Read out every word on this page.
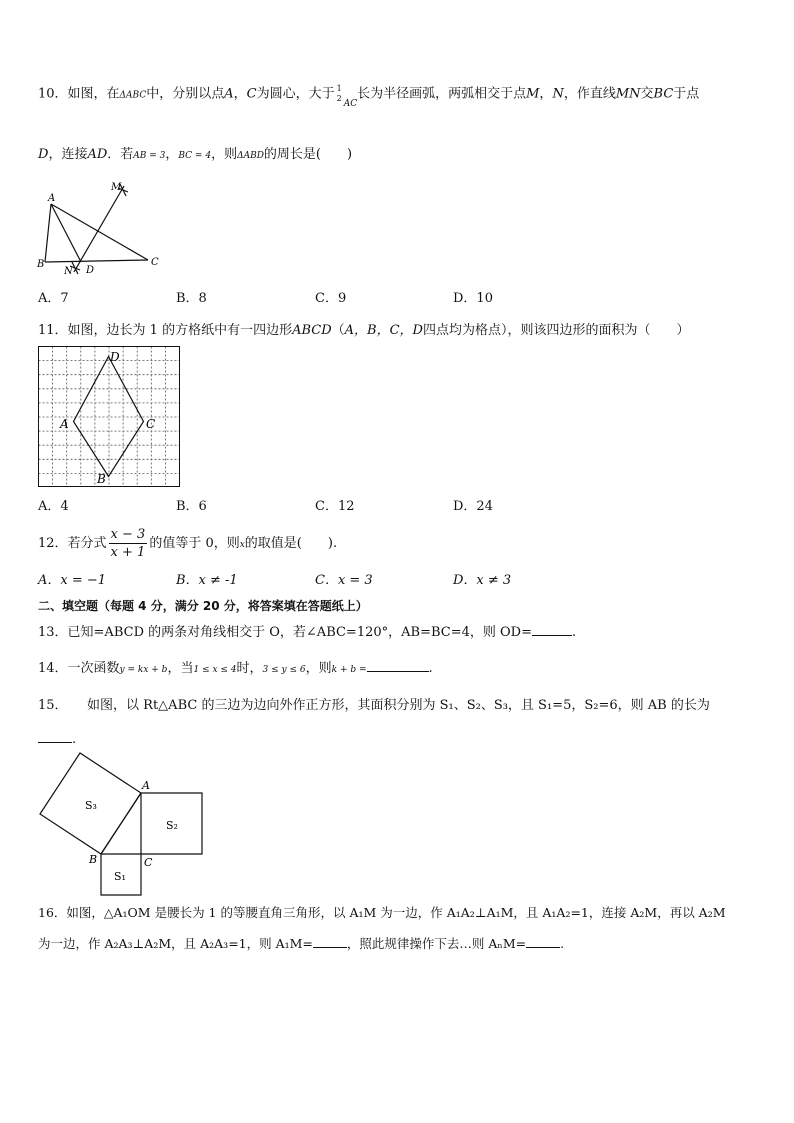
10．如图，在ΔABC中，分别以点A，C为圆心，大于 1
2 $_{AC}$长为半径画弧，两弧相交于点M，N，作直线MN交BC于点
D，连接AD．若AB = 3，BC = 4，则ΔABD的周长是(　　)
A
B	C
D
M
N
A．7	B．8	C．9	D．10
11．如图，边长为 1 的方格纸中有一四边形ABCD（A，B，C，D四点均为格点），则该四边形的面积为（　　）
D
A	C
B
A．4	B．6	C．12	D．24
12．若分式 $\frac{x - 3}{x + 1}$ 的值等于 0，则x的取值是(　　).
A．x = −1	B．x ≠ -1	C．x = 3	D．x ≠ 3
二、填空题（每题 4 分，满分 20 分，将答案填在答题纸上）
13．已知=ABCD 的两条对角线相交于 O，若∠ABC=120°，AB=BC=4，则 OD=	.
14．一次函数y = kx + b，当1 ≤ x ≤ 4时，3 ≤ y ≤ 6，则k + b =	.
15．　　如图，以 Rt△ABC 的三边为边向外作正方形，其面积分别为 S₁、S₂、S₃，且 S₁=5，S₂=6，则 AB 的长为
.
A
B	C
S₃
S₂
S₁
16．如图，△A₁OM 是腰长为 1 的等腰直角三角形，以 A₁M 为一边，作 A₁A₂⊥A₁M，且 A₁A₂=1，连接 A₂M，再以 A₂M
为一边，作 A₂A₃⊥A₂M，且 A₂A₃=1，则 A₁M=	，照此规律操作下去…则 AₙM=	.
